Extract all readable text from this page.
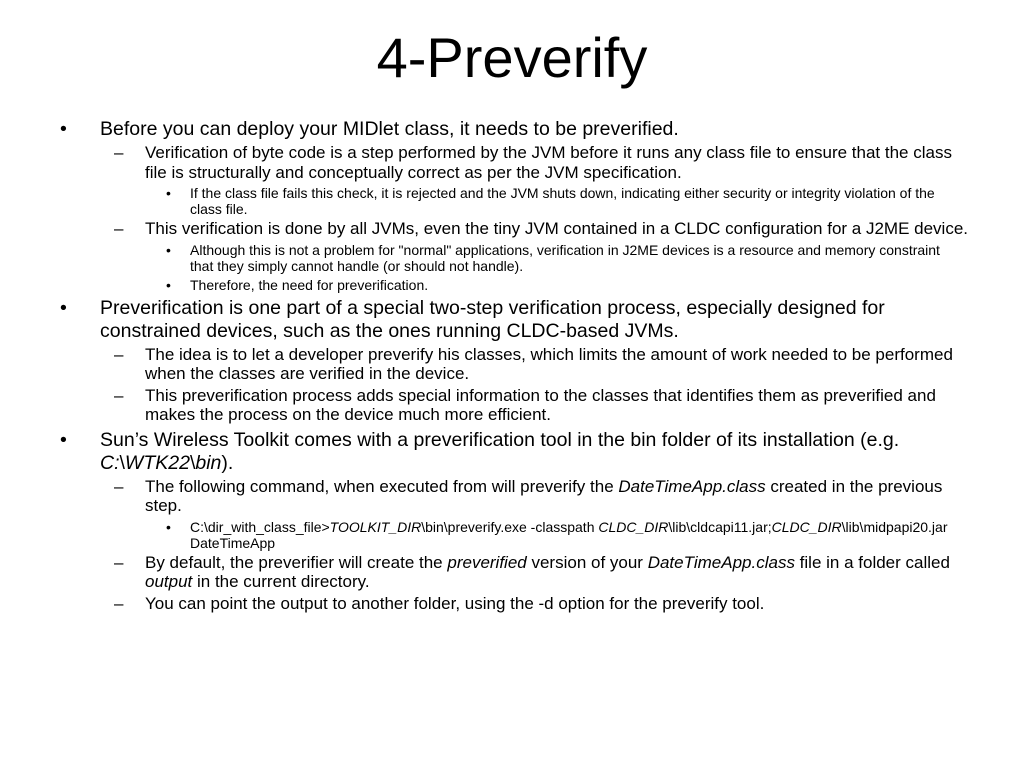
4-Preverify
• Before you can deploy your MIDlet class, it needs to be preverified.
– Verification of byte code is a step performed by the JVM before it runs any class file to ensure that the class file is structurally and conceptually correct as per the JVM specification.
• If the class file fails this check, it is rejected and the JVM shuts down, indicating either security or integrity violation of the class file.
– This verification is done by all JVMs, even the tiny JVM contained in a CLDC configuration for a J2ME device.
• Although this is not a problem for "normal" applications, verification in J2ME devices is a resource and memory constraint that they simply cannot handle (or should not handle).
• Therefore, the need for preverification.
• Preverification is one part of a special two-step verification process, especially designed for constrained devices, such as the ones running CLDC-based JVMs.
– The idea is to let a developer preverify his classes, which limits the amount of work needed to be performed when the classes are verified in the device.
– This preverification process adds special information to the classes that identifies them as preverified and makes the process on the device much more efficient.
• Sun’s Wireless Toolkit comes with a preverification tool in the bin folder of its installation (e.g. C:\WTK22\bin).
– The following command, when executed from will preverify the DateTimeApp.class created in the previous step.
• C:\dir_with_class_file>TOOLKIT_DIR\bin\preverify.exe -classpath CLDC_DIR\lib\cldcapi11.jar;CLDC_DIR\lib\midpapi20.jar DateTimeApp
– By default, the preverifier will create the preverified version of your DateTimeApp.class file in a folder called output in the current directory.
– You can point the output to another folder, using the -d option for the preverify tool.
